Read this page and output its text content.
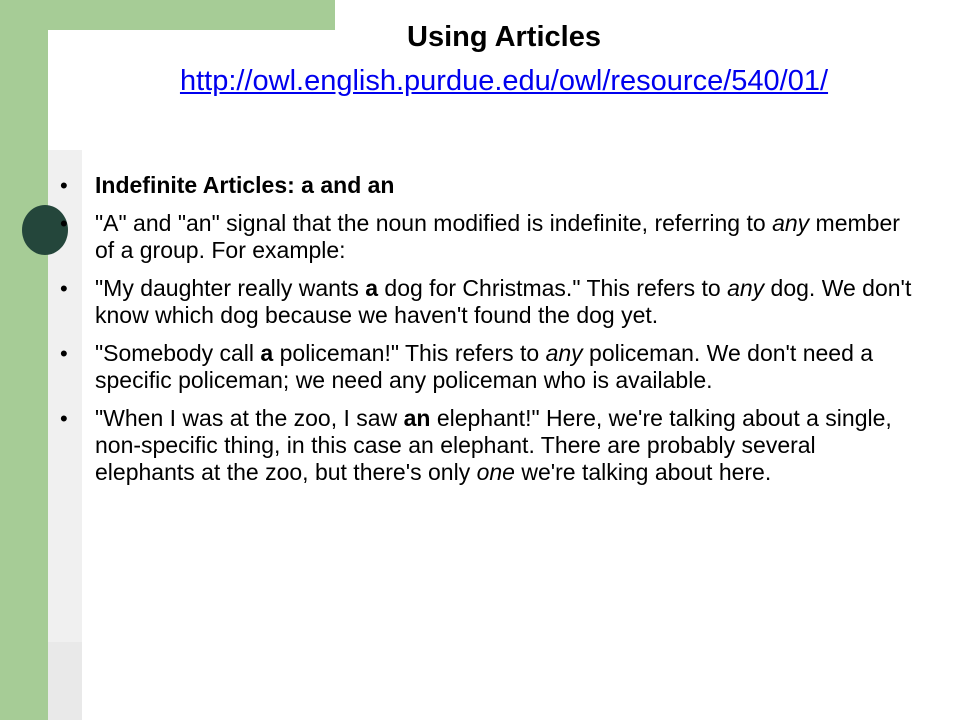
Using Articles
http://owl.english.purdue.edu/owl/resource/540/01/
•	Indefinite Articles: a and an
•	"A" and "an" signal that the noun modified is indefinite, referring to any member of a group. For example:
•	"My daughter really wants a dog for Christmas." This refers to any dog. We don't know which dog because we haven't found the dog yet.
•	"Somebody call a policeman!" This refers to any policeman. We don't need a specific policeman; we need any policeman who is available.
•	"When I was at the zoo, I saw an elephant!" Here, we're talking about a single, non-specific thing, in this case an elephant. There are probably several elephants at the zoo, but there's only one we're talking about here.
